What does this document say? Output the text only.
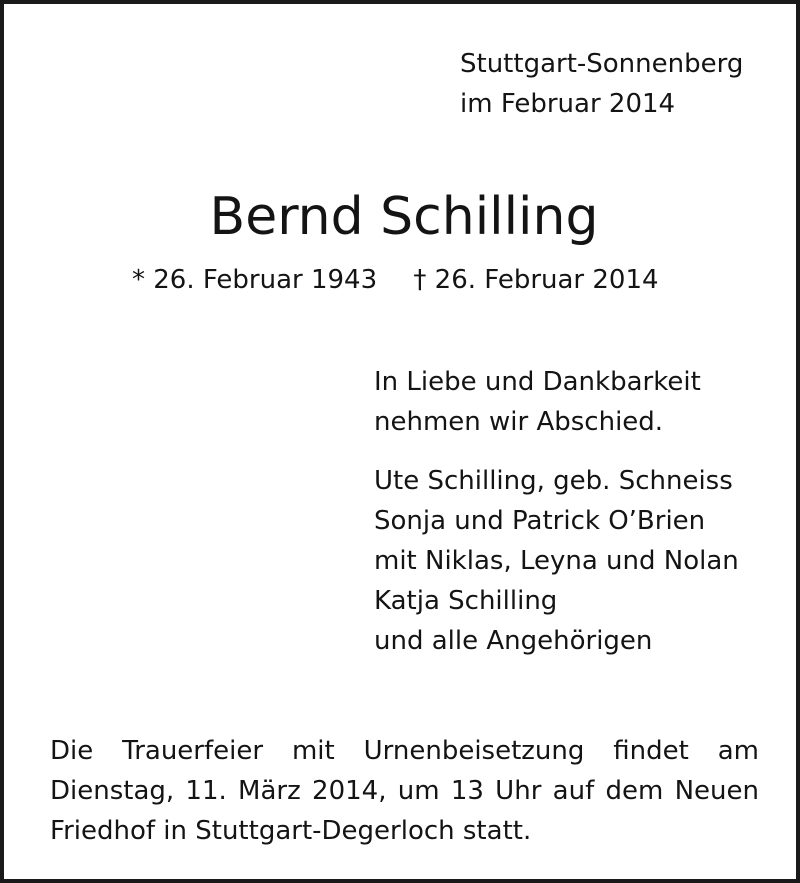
Stuttgart-Sonnenberg
im Februar 2014
Bernd Schilling
* 26. Februar 1943 † 26. Februar 2014
In Liebe und Dankbarkeit
nehmen wir Abschied.
Ute Schilling, geb. Schneiss
Sonja und Patrick O’Brien
mit Niklas, Leyna und Nolan
Katja Schilling
und alle Angehörigen
Die Trauerfeier mit Urnenbeisetzung findet am
Dienstag, 11. März 2014, um 13 Uhr auf dem Neuen
Friedhof in Stuttgart-Degerloch statt.
